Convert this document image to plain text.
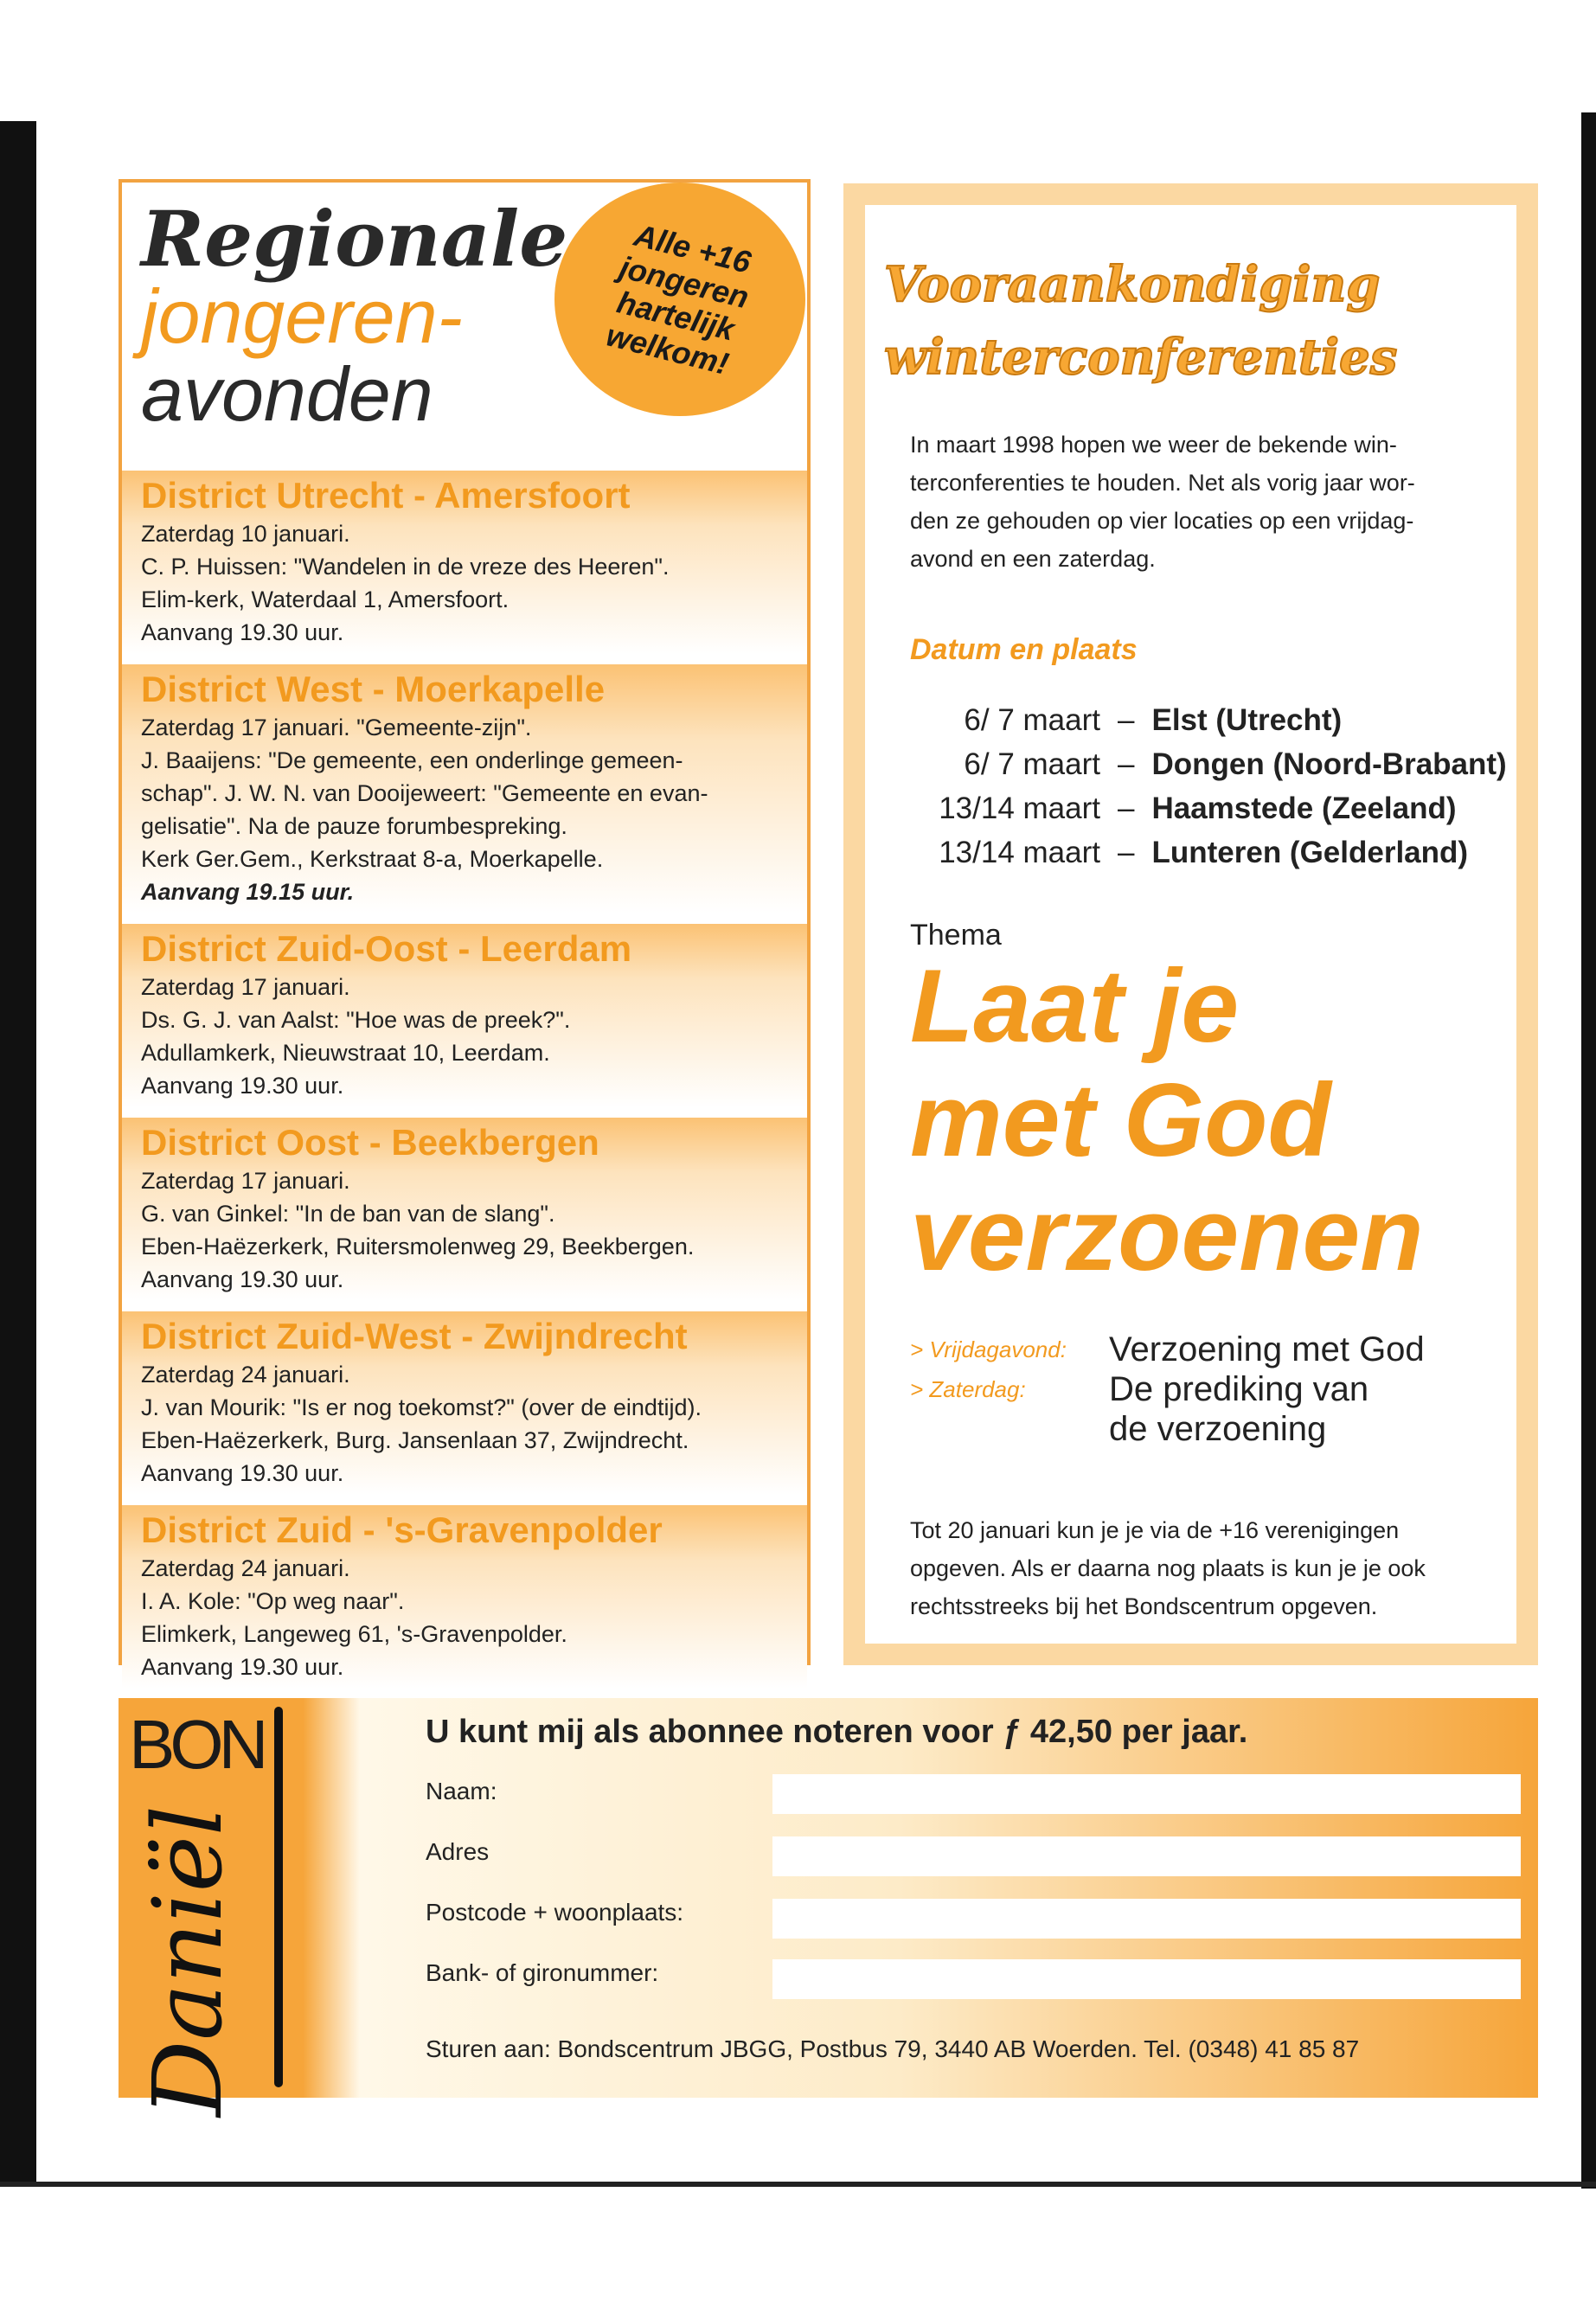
Regionale
jongeren-
avonden
Alle +16
jongeren
hartelijk
welkom!
District Utrecht - Amersfoort
Zaterdag 10 januari.
C. P. Huissen: "Wandelen in de vreze des Heeren".
Elim-kerk, Waterdaal 1, Amersfoort.
Aanvang 19.30 uur.
District West - Moerkapelle
Zaterdag 17 januari. "Gemeente-zijn".
J. Baaijens: "De gemeente, een onderlinge gemeen-
schap". J. W. N. van Dooijeweert: "Gemeente en evan-
gelisatie". Na de pauze forumbespreking.
Kerk Ger.Gem., Kerkstraat 8-a, Moerkapelle.
Aanvang 19.15 uur.
District Zuid-Oost - Leerdam
Zaterdag 17 januari.
Ds. G. J. van Aalst: "Hoe was de preek?".
Adullamkerk, Nieuwstraat 10, Leerdam.
Aanvang 19.30 uur.
District Oost - Beekbergen
Zaterdag 17 januari.
G. van Ginkel: "In de ban van de slang".
Eben-Haëzerkerk, Ruitersmolenweg 29, Beekbergen.
Aanvang 19.30 uur.
District Zuid-West - Zwijndrecht
Zaterdag 24 januari.
J. van Mourik: "Is er nog toekomst?" (over de eindtijd).
Eben-Haëzerkerk, Burg. Jansenlaan 37, Zwijndrecht.
Aanvang 19.30 uur.
District Zuid - 's-Gravenpolder
Zaterdag 24 januari.
I. A. Kole: "Op weg naar".
Elimkerk, Langeweg 61, 's-Gravenpolder.
Aanvang 19.30 uur.
Vooraankondiging
winterconferenties
In maart 1998 hopen we weer de bekende win-
terconferenties te houden. Net als vorig jaar wor-
den ze gehouden op vier locaties op een vrijdag-
avond en een zaterdag.
Datum en plaats
6/ 7 maart – Elst (Utrecht)
6/ 7 maart – Dongen (Noord-Brabant)
13/14 maart – Haamstede (Zeeland)
13/14 maart – Lunteren (Gelderland)
Thema
Laat je
met God
verzoenen
> Vrijdagavond:
> Zaterdag:
Verzoening met God
De prediking van
de verzoening
Tot 20 januari kun je je via de +16 verenigingen
opgeven. Als er daarna nog plaats is kun je je ook
rechtsstreeks bij het Bondscentrum opgeven.
BON
Daniël
U kunt mij als abonnee noteren voor ƒ 42,50 per jaar.
Naam:
Adres
Postcode + woonplaats:
Bank- of gironummer:
Sturen aan: Bondscentrum JBGG, Postbus 79, 3440 AB Woerden. Tel. (0348) 41 85 87
